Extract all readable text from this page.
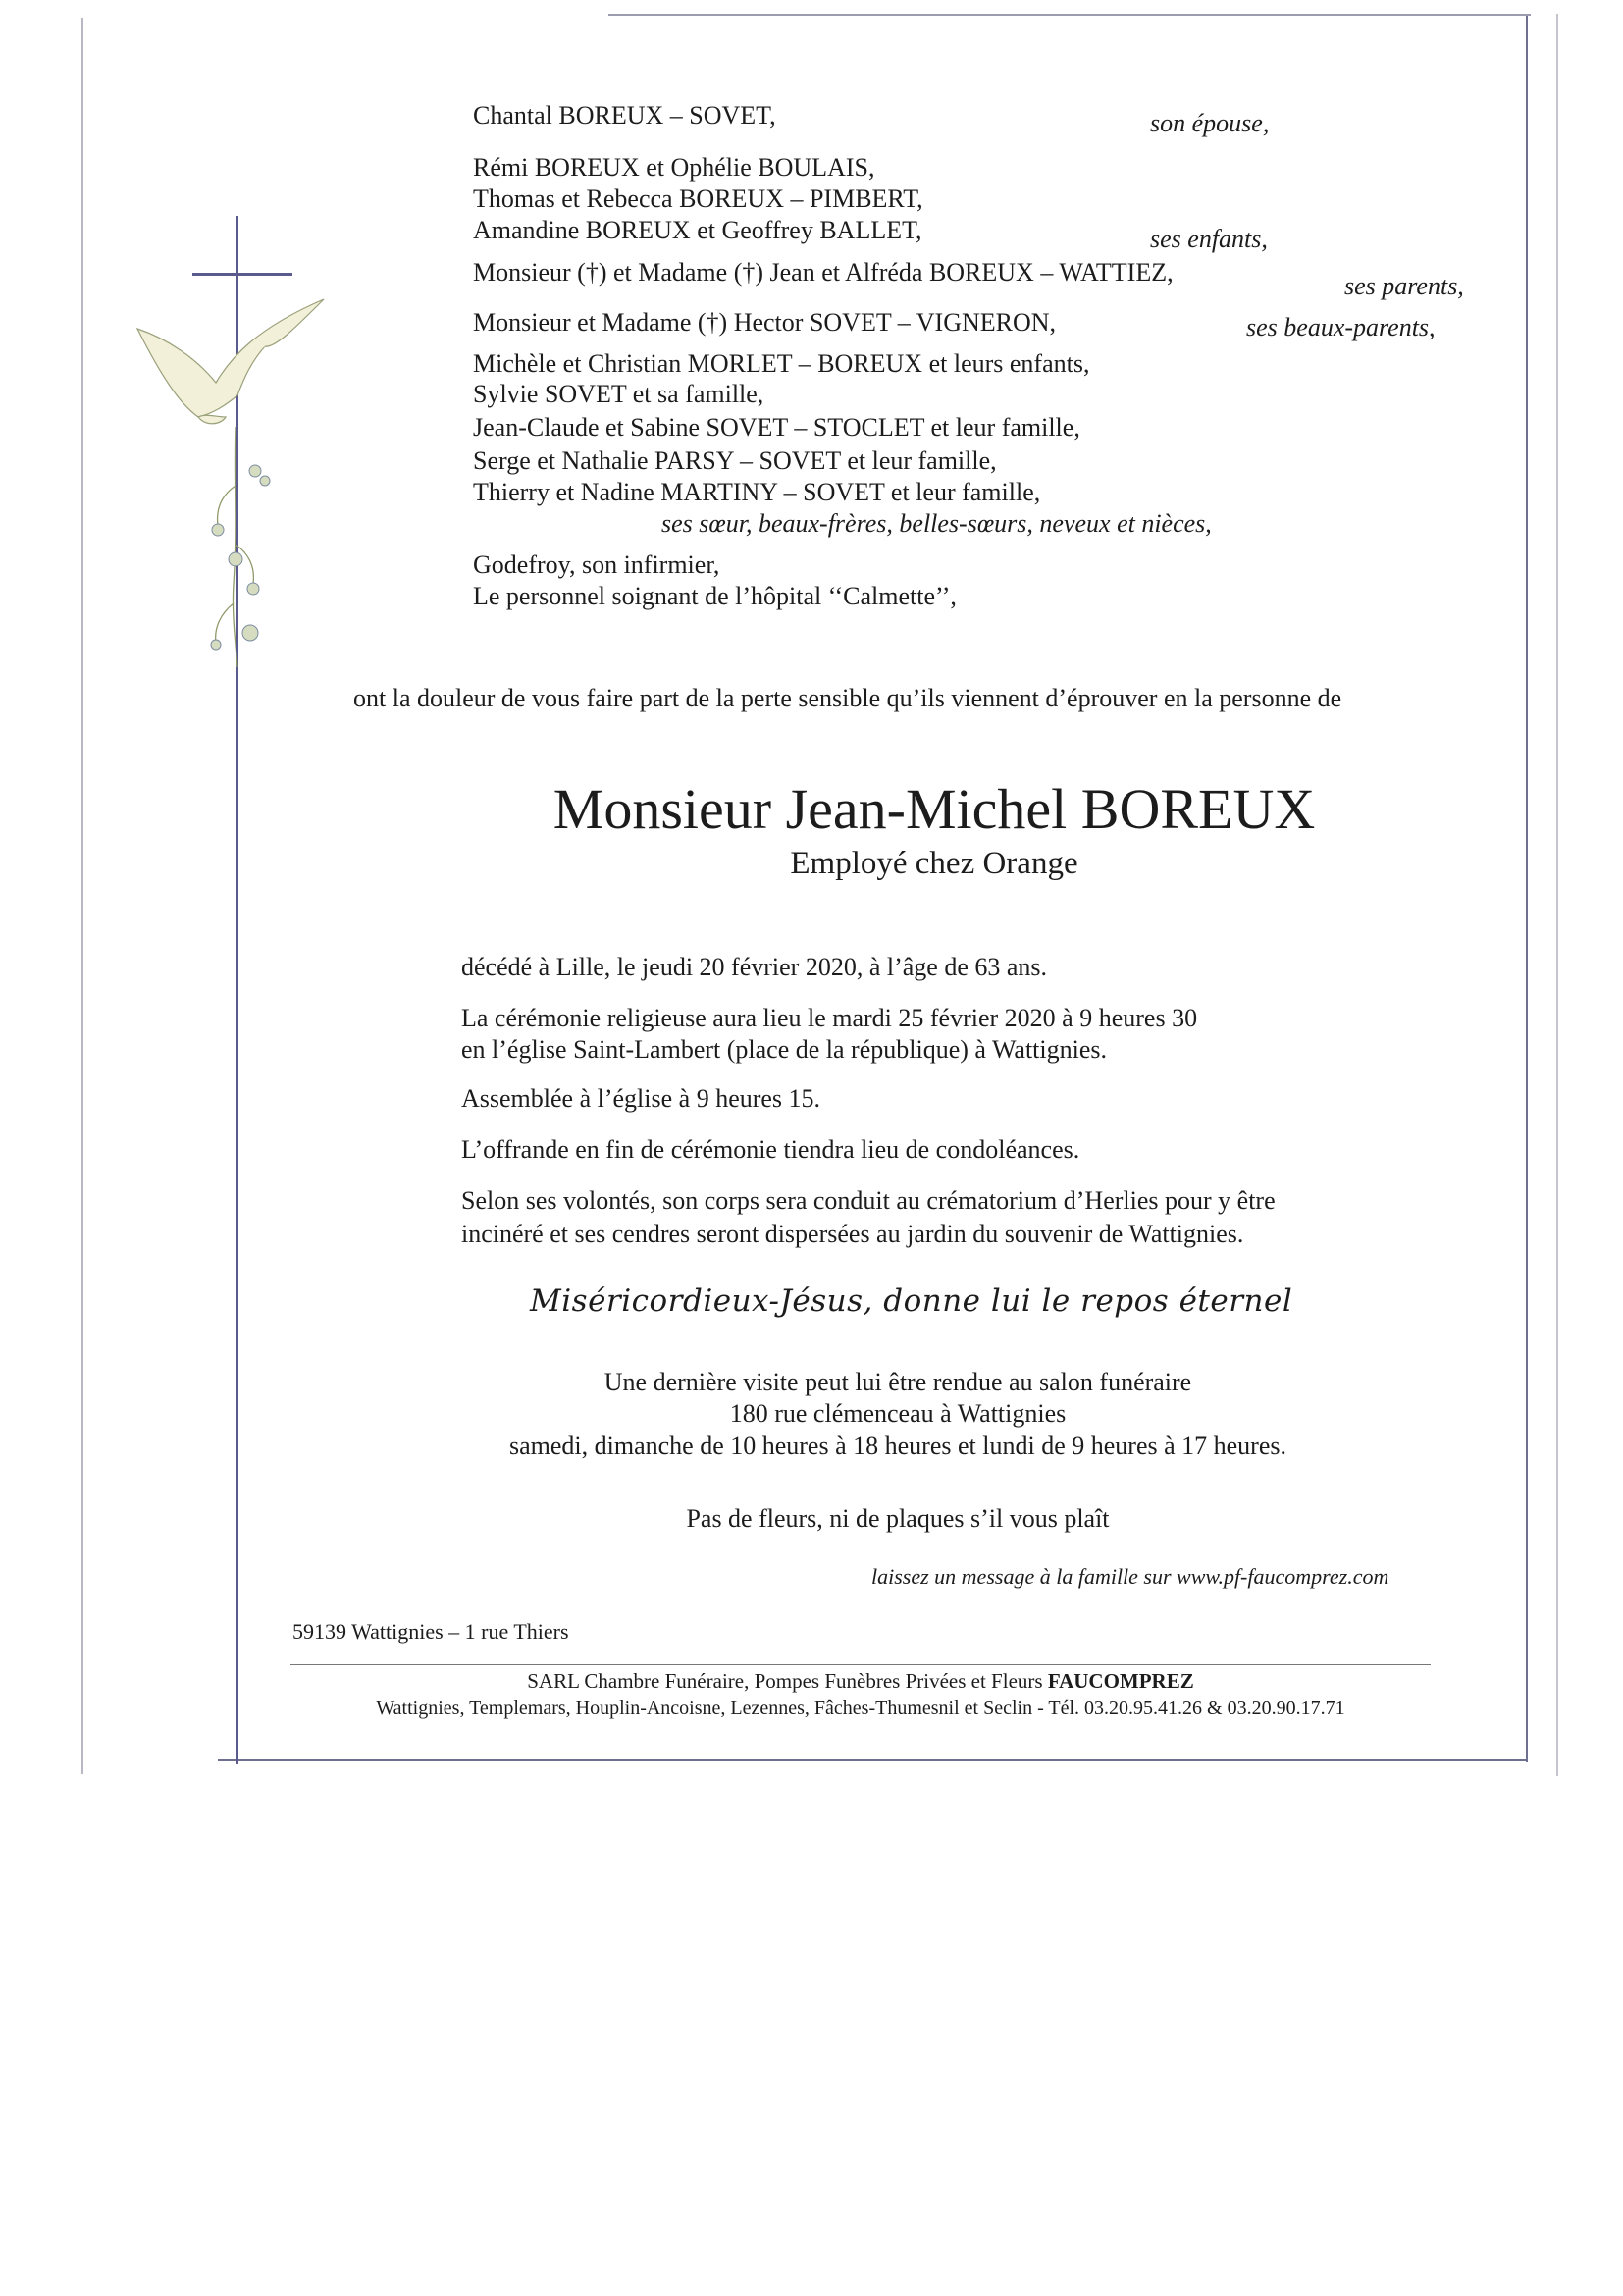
Chantal BOREUX – SOVET,	son épouse,
Rémi BOREUX et Ophélie BOULAIS,
Thomas et Rebecca BOREUX – PIMBERT,
Amandine BOREUX et Geoffrey BALLET,	ses enfants,
Monsieur (†) et Madame (†) Jean et Alfréda BOREUX – WATTIEZ,	ses parents,
Monsieur et Madame (†) Hector SOVET – VIGNERON,	ses beaux-parents,
Michèle et Christian MORLET – BOREUX et leurs enfants,
Sylvie SOVET et sa famille,
Jean-Claude et Sabine SOVET – STOCLET et leur famille,
Serge et Nathalie PARSY – SOVET et leur famille,
Thierry et Nadine MARTINY – SOVET et leur famille,
ses sœur, beaux-frères, belles-sœurs, neveux et nièces,
Godefroy, son infirmier,
Le personnel soignant de l’hôpital ‘‘Calmette’’,
ont la douleur de vous faire part de la perte sensible qu’ils viennent d’éprouver en la personne de
Monsieur Jean-Michel BOREUX
Employé chez Orange
décédé à Lille, le jeudi 20 février 2020, à l’âge de 63 ans.
La cérémonie religieuse aura lieu le mardi 25 février 2020 à 9 heures 30
en l’église Saint-Lambert (place de la république) à Wattignies.
Assemblée à l’église à 9 heures 15.
L’offrande en fin de cérémonie tiendra lieu de condoléances.
Selon ses volontés, son corps sera conduit au crématorium d’Herlies pour y être
incinéré et ses cendres seront dispersées au jardin du souvenir de Wattignies.
Miséricordieux-Jésus, donne lui le repos éternel
Une dernière visite peut lui être rendue au salon funéraire
180 rue clémenceau à Wattignies
samedi, dimanche de 10 heures à 18 heures et lundi de 9 heures à 17 heures.
Pas de fleurs, ni de plaques s’il vous plaît
laissez un message à la famille sur www.pf-faucomprez.com
59139 Wattignies – 1 rue Thiers
SARL Chambre Funéraire, Pompes Funèbres Privées et Fleurs FAUCOMPREZ
Wattignies, Templemars, Houplin-Ancoisne, Lezennes, Fâches-Thumesnil et Seclin - Tél. 03.20.95.41.26 & 03.20.90.17.71
